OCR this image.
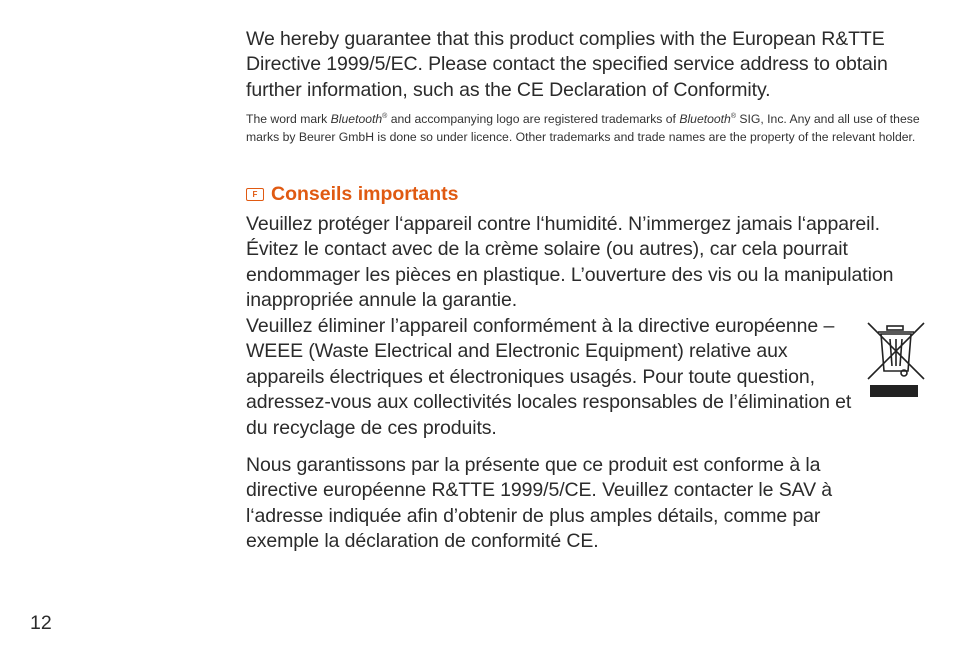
We hereby guarantee that this product complies with the European R&TTE Directive 1999/5/EC. Please contact the specified service address to obtain further information, such as the CE Declaration of Conformity.

The word mark Bluetooth® and accompanying logo are registered trademarks of Bluetooth® SIG, Inc. Any and all use of these marks by Beurer GmbH is done so under licence. Other trademarks and trade names are the property of the relevant holder.

F Conseils importants

Veuillez protéger l‘appareil contre l‘humidité. N’immergez jamais l‘appareil. Évitez le contact avec de la crème solaire (ou autres), car cela pourrait endommager les pièces en plastique. L’ouverture des vis ou la manipulation inappropriée annule la garantie.

Veuillez éliminer l’appareil conformément à la directive européenne – WEEE (Waste Electrical and Electronic Equipment) relative aux appareils électriques et électroniques usagés. Pour toute question, adressez-vous aux collectivités locales responsables de l’élimination et du recyclage de ces produits.

Nous garantissons par la présente que ce produit est conforme à la directive européenne R&TTE 1999/5/CE. Veuillez contacter le SAV à l‘adresse indiquée afin d’obtenir de plus amples détails, comme par exemple la déclaration de conformité CE.

12
